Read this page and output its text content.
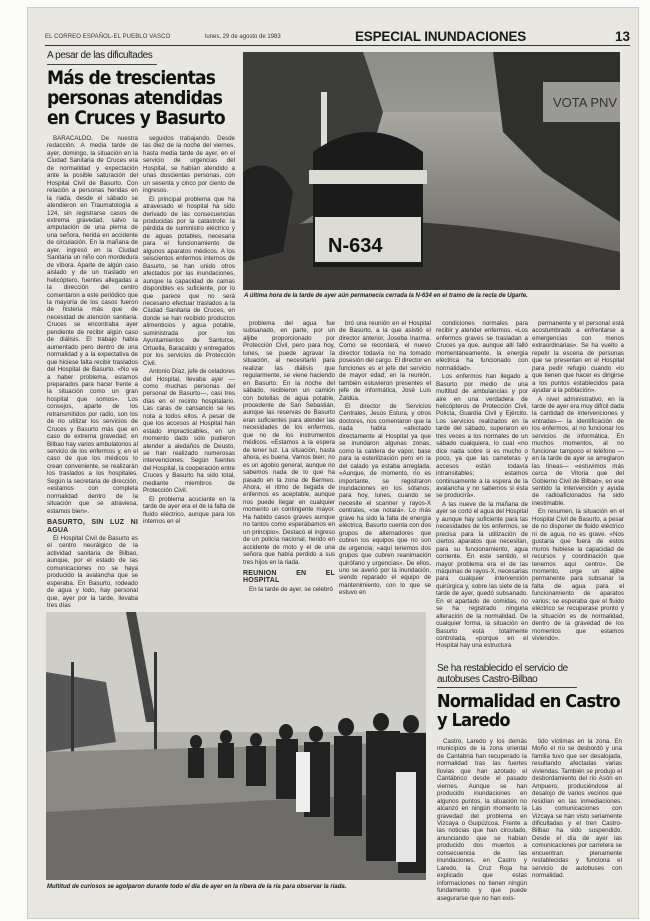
EL CORREO ESPAÑOL-EL PUEBLO VASCO	lunes, 29 de agosto de 1983	ESPECIAL INUNDACIONES	13
A pesar de las dificultades
Más de trescientas
personas atendidas
en Cruces y Basurto
VOTA PNV
N-634
A última hora de la tarde de ayer aún permanecía cerrada la N-634 en el tramo de la recta de Ugarte.

BARACALDO. De nuestra redacción. A media tarde de ayer, domingo, la situación en la Ciudad Sanitaria de Cruces era de normalidad y expectación ante la posible saturación del Hospital Civil de Basurto. Con relación a personas heridas en la riada, desde el sábado se atendieron en Traumatología a 124, sin registrarse casos de extrema gravedad, salvo la amputación de una pierna de una señora, herida en accidente de circulación. En la mañana de ayer, ingresó en la Ciudad Sanitaria un niño con mordedura de víbora. Aparte de algún caso aislado y de un traslado en helicóptero, fuentes allegadas a la dirección del centro comentaron a este periódico que la mayoría de los casos fueron de histeria más que de necesidad de atención sanitaria. Cruces se encontraba ayer pendiente de recibir algún caso de diálisis. El trabajo había aumentado pero dentro de una normalidad y a la expectativa de que hiciese falta recibir traslados del Hospital de Basurto. «No va a haber problema, estamos preparados para hacer frente a la situación como un gran hospital que somos». Los consejos, aparte de los retransmitidos por radio, son los de no utilizar los servicios de Cruces y Basurto más que en caso de extrema gravedad; en Bilbao hay varios ambulatorios al servicio de los enfermos y, en el caso de que los médicos lo crean conveniente, se realizarán los traslados a los hospitales. Según la secretaria de dirección, «estamos con completa normalidad dentro de la situación que se atraviesa, estamos bien».

BASURTO, SIN LUZ NI AGUA

El Hospital Civil de Basurto es el centro neurálgico de la actividad sanitaria de Bilbao, aunque, por el estado de las comunicaciones no se haya producido la avalancha que se esperaba. En Basurto, rodeado de agua y lodo, hay personal que, ayer por la tarde, llevaba tres días

seguidos trabajando. Desde las diez de la noche del viernes, hasta media tarde de ayer, en el servicio de urgencias del Hospital, se habían atendido a unas doscientas personas, con un sesenta y cinco por ciento de ingresos.

El principal problema que ha atravesado el hospital ha sido derivado de las consecuencias producidas por la catástrofe: la pérdida de suministro eléctrico y de aguas potables, necesaria para el funcionamiento de algunos aparatos médicos. A los seiscientos enfermos internos de Basurto, se han unido otros afectados por las inundaciones, aunque la capacidad de camas disponibles es suficiente, por lo que parece que no será necesario efectuar traslados a la Ciudad Sanitaria de Cruces, en donde se han recibido productos alimenticios y agua potable, suministrada por los Ayuntamientos de Santurce, Ortuella, Baracaldo y entregados por los servicios de Protección Civil.

Antonio Díaz, jefe de celadores del Hospital, llevaba ayer —como muchas personas del personal de Basurto—, casi tres días en el recinto hospitalario. Las caras de cansancio se les nota a todos ellos. A pesar de que los accesos al Hospital han estado impracticables, en un momento dado sólo pudieron atender a aledaños de Deusto, se han realizado numerosas intervenciones. Según fuentes del Hospital, la cooperación entre Cruces y Basurto ha sido total, mediante miembros de Protección Civil.

El problema acuciante en la tarde de ayer era el de la falta de fluido eléctrico, aunque para los internos en el

problema del agua fue subsanado, en parte, por un aljibe proporcionado por Protección Civil, pero para hoy, lunes, se puede agravar la situación, al necesitarlo para realizar las diálisis que regularmente, se viene haciendo en Basurto. En la noche del sábado, recibieron un camión con botellas de agua potable, procedente de San Sebastián, aunque las reservas de Basurto eran suficientes para atender las necesidades de los enfermos, que no de los instrumentos médicos. «Estamos a la espera de tener luz. La situación, hasta ahora, es buena. Vamos bien; no es un agobio general, aunque no sabemos nada de lo que ha pasado en la zona de Bermeo. Ahora, el ritmo de llegada de enfermos es aceptable, aunque nos puede llegar en cualquier momento un contingente mayor. Ha habido casos graves aunque no tantos como esperábamos en un principio». Destacó el ingreso de un policía nacional, herido en accidente de moto y el de una señora que había perdido a sus tres hijos en la riada.

REUNION EN EL HOSPITAL

En la tarde de ayer, se celebró

bró una reunión en el Hospital de Basurto, a la que asistió el director anterior, Joseba Inarma. Como se recordará, el nuevo director todavía no ha tomado posesión del cargo. El director en funciones es el jefe del servicio de mayor edad; en la reunión, también estuvieron presentes el jefe de informática, José Luis Zaldúa.

El director de Servicios Centrales, Jesús Estura, y otros doctores, nos comentaron que la riada había «afectado directamente al Hospital ya que se inundaron algunas zonas, como la caldera de vapor, base para la esterilización pero en la del calado ya estaba arreglada. «Aunque, de momento, no es importante, se registraron inundaciones en los sótanos; para hoy, lunes, cuando se necesite el scanner y rayos-X centrales, «se notará». Lo más grave ha sido la falta de energía eléctrica, Basurto cuenta con dos grupos de alternadores que cubren los equipos que no son de urgencia; «aquí tenemos dos grupos que cubren reanimación quirófano y urgencias». De ellos, uno se averió por la inundación, siendo reparado el equipo de mantenimiento, con lo que se estuvo en

condiciones normales para recibir y atender enfermos. «Los enfermos graves se trasladan a Cruces ya que, aunque allí falló momentáneamente, la energía eléctrica ha funcionado con normalidad».

Los enfermos han llegado a Basurto por medio de una multitud de ambulancias y por aire en una verdadera de helicópteros de Protección Civil, Policía, Guardia Civil y Ejército. Los servicios realizados en la tarde del sábado, superaron en tres veces a los normales de un sábado cualquiera, lo cual «no dice nada sobre si es mucho o poco, ya que las carreteras y accesos están todavía intransitables; estamos continuamente a la espera de la avalancha y no sabemos si ésta se producirá».

A las nueve de la mañana de ayer se cortó el agua del Hospital y aunque hay suficiente para las necesidades de los enfermos, se precisa para la utilización de ciertos aparatos que necesitan, para su funcionamiento, agua corriente. En este sentido, el mayor problema era el de las máquinas de rayos-X, necesarias para cualquier intervención quirúrgica y, sobre las siete de la tarde de ayer, quedó subsanado. En el apartado de comidas, no se ha registrado ninguna alteración de la normalidad. De cualquier forma, la situación en Basurto está totalmente controlada, «porque en el Hospital hay una estructura

permanente y el personal está acostumbrado a enfrentarse a emergencias con menos extraordinarias». Se ha vuelto a repetir la escena de personas que se presentan en el Hospital para pedir refugio cuando «lo que tienen que hacer es dirigirse a los puntos establecidos para ayudar a la población».

A nivel administrativo, en la tarde de ayer era muy difícil dada la cantidad de intervenciones y entradas— la identificación de los enfermos, al no funcionar los servicios de informática. En muchos momentos, al no funcionar tampoco el teléfono —en la tarde de ayer se arreglaron las líneas— «estuvimos más cerca de Vitoria que del Gobierno Civil de Bilbao», en ese sentido la intervención y ayuda de radioaficionados ha sido inestimable.

En resumen, la situación en el Hospital Civil de Basurto, a pesar de no disponer de fluido eléctrico ni de agua, no es grave. «Nos gustaría que fuera de estos muros hubiese la capacidad de recursos y coordinación que tenemos aquí centro». De momento, urge un aljibe permanente para subsanar la falta de agua para el funcionamiento de aparatos varios; se esperaba que el fluido eléctrico se recuperase pronto y la situación es de normalidad, dentro de la gravedad de los momentos que estamos viviendo».

Multitud de curiosos se agolparon durante todo el día de ayer en la ribera de la ría para observar la riada.
Se ha restablecido el servicio de
autobuses Castro-Bilbao
Normalidad en Castro
y Laredo

Castro, Laredo y los demás municipios de la zona oriental de Cantabria han recuperado la normalidad tras las fuertes lluvias que han azotado el Cantábrico desde el pasado viernes. Aunque se han producido inundaciones en algunos puntos, la situación no alcanzó en ningún momento la gravedad del problema en Vizcaya o Guipúzcoa. Frente a las noticias que han circulado, anunciando que se habían producido dos muertos a consecuencia de las inundaciones, en Castro y Laredo, la Cruz Roja ha explicado que estas informaciones no tienen ningún fundamento y que puede asegurarse que no han exis-

tido víctimas en la zona. En Moño el río se desbordó y una familia tuvo que ser desalojada, resultando afectadas varias viviendas. También se produjo el desbordamiento del río Asón en Ampuero, produciéndose al desalojo de varios vecinos que residían en las inmediaciones. Las comunicaciones con Vizcaya se han visto seriamente dificultadas y el tren Castro-Bilbao ha sido suspendido. Desde el día de ayer las comunicaciones por carretera se encuentran plenamente restablecidas y funciona el servicio de autobuses con normalidad.
